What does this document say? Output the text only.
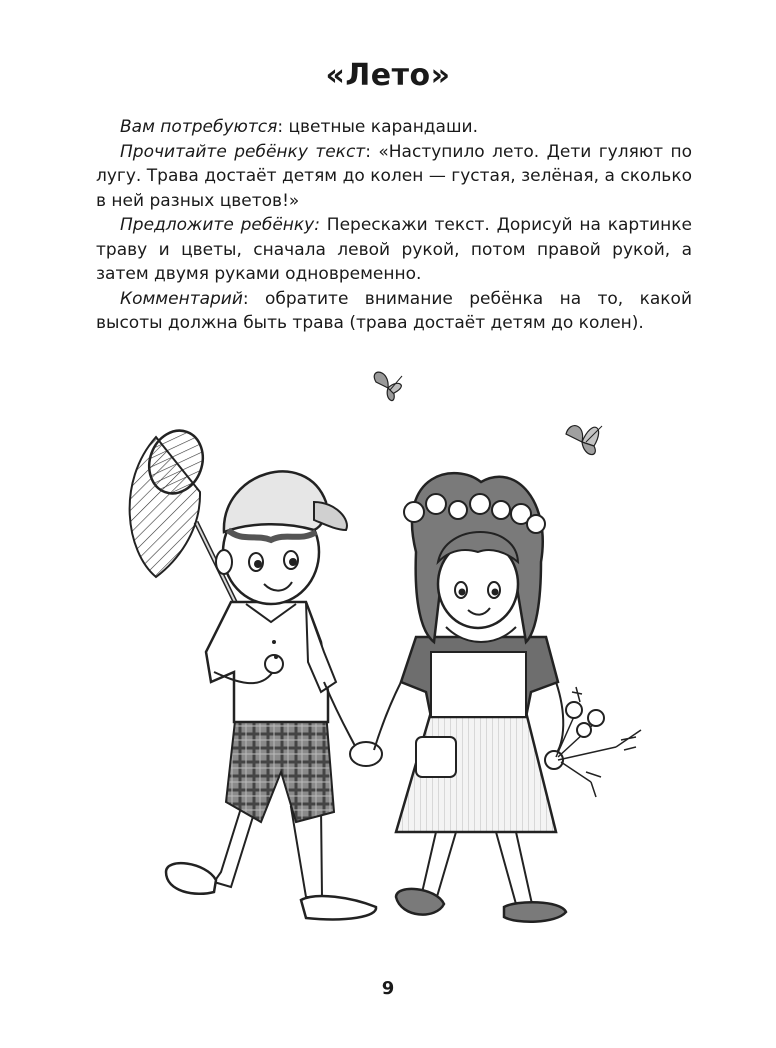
«Лето»

Вам потребуются: цветные карандаши.

Прочитайте ребёнку текст: «Наступило лето. Дети гуляют по лугу. Трава достаёт детям до колен — густая, зелёная, а сколько в ней разных цветов!»

Предложите ребёнку: Перескажи текст. Дорисуй на картинке траву и цветы, сначала левой рукой, потом правой рукой, а затем двумя руками одновременно.

Комментарий: обратите внимание ребёнка на то, какой высоты должна быть трава (трава достаёт детям до колен).

9
